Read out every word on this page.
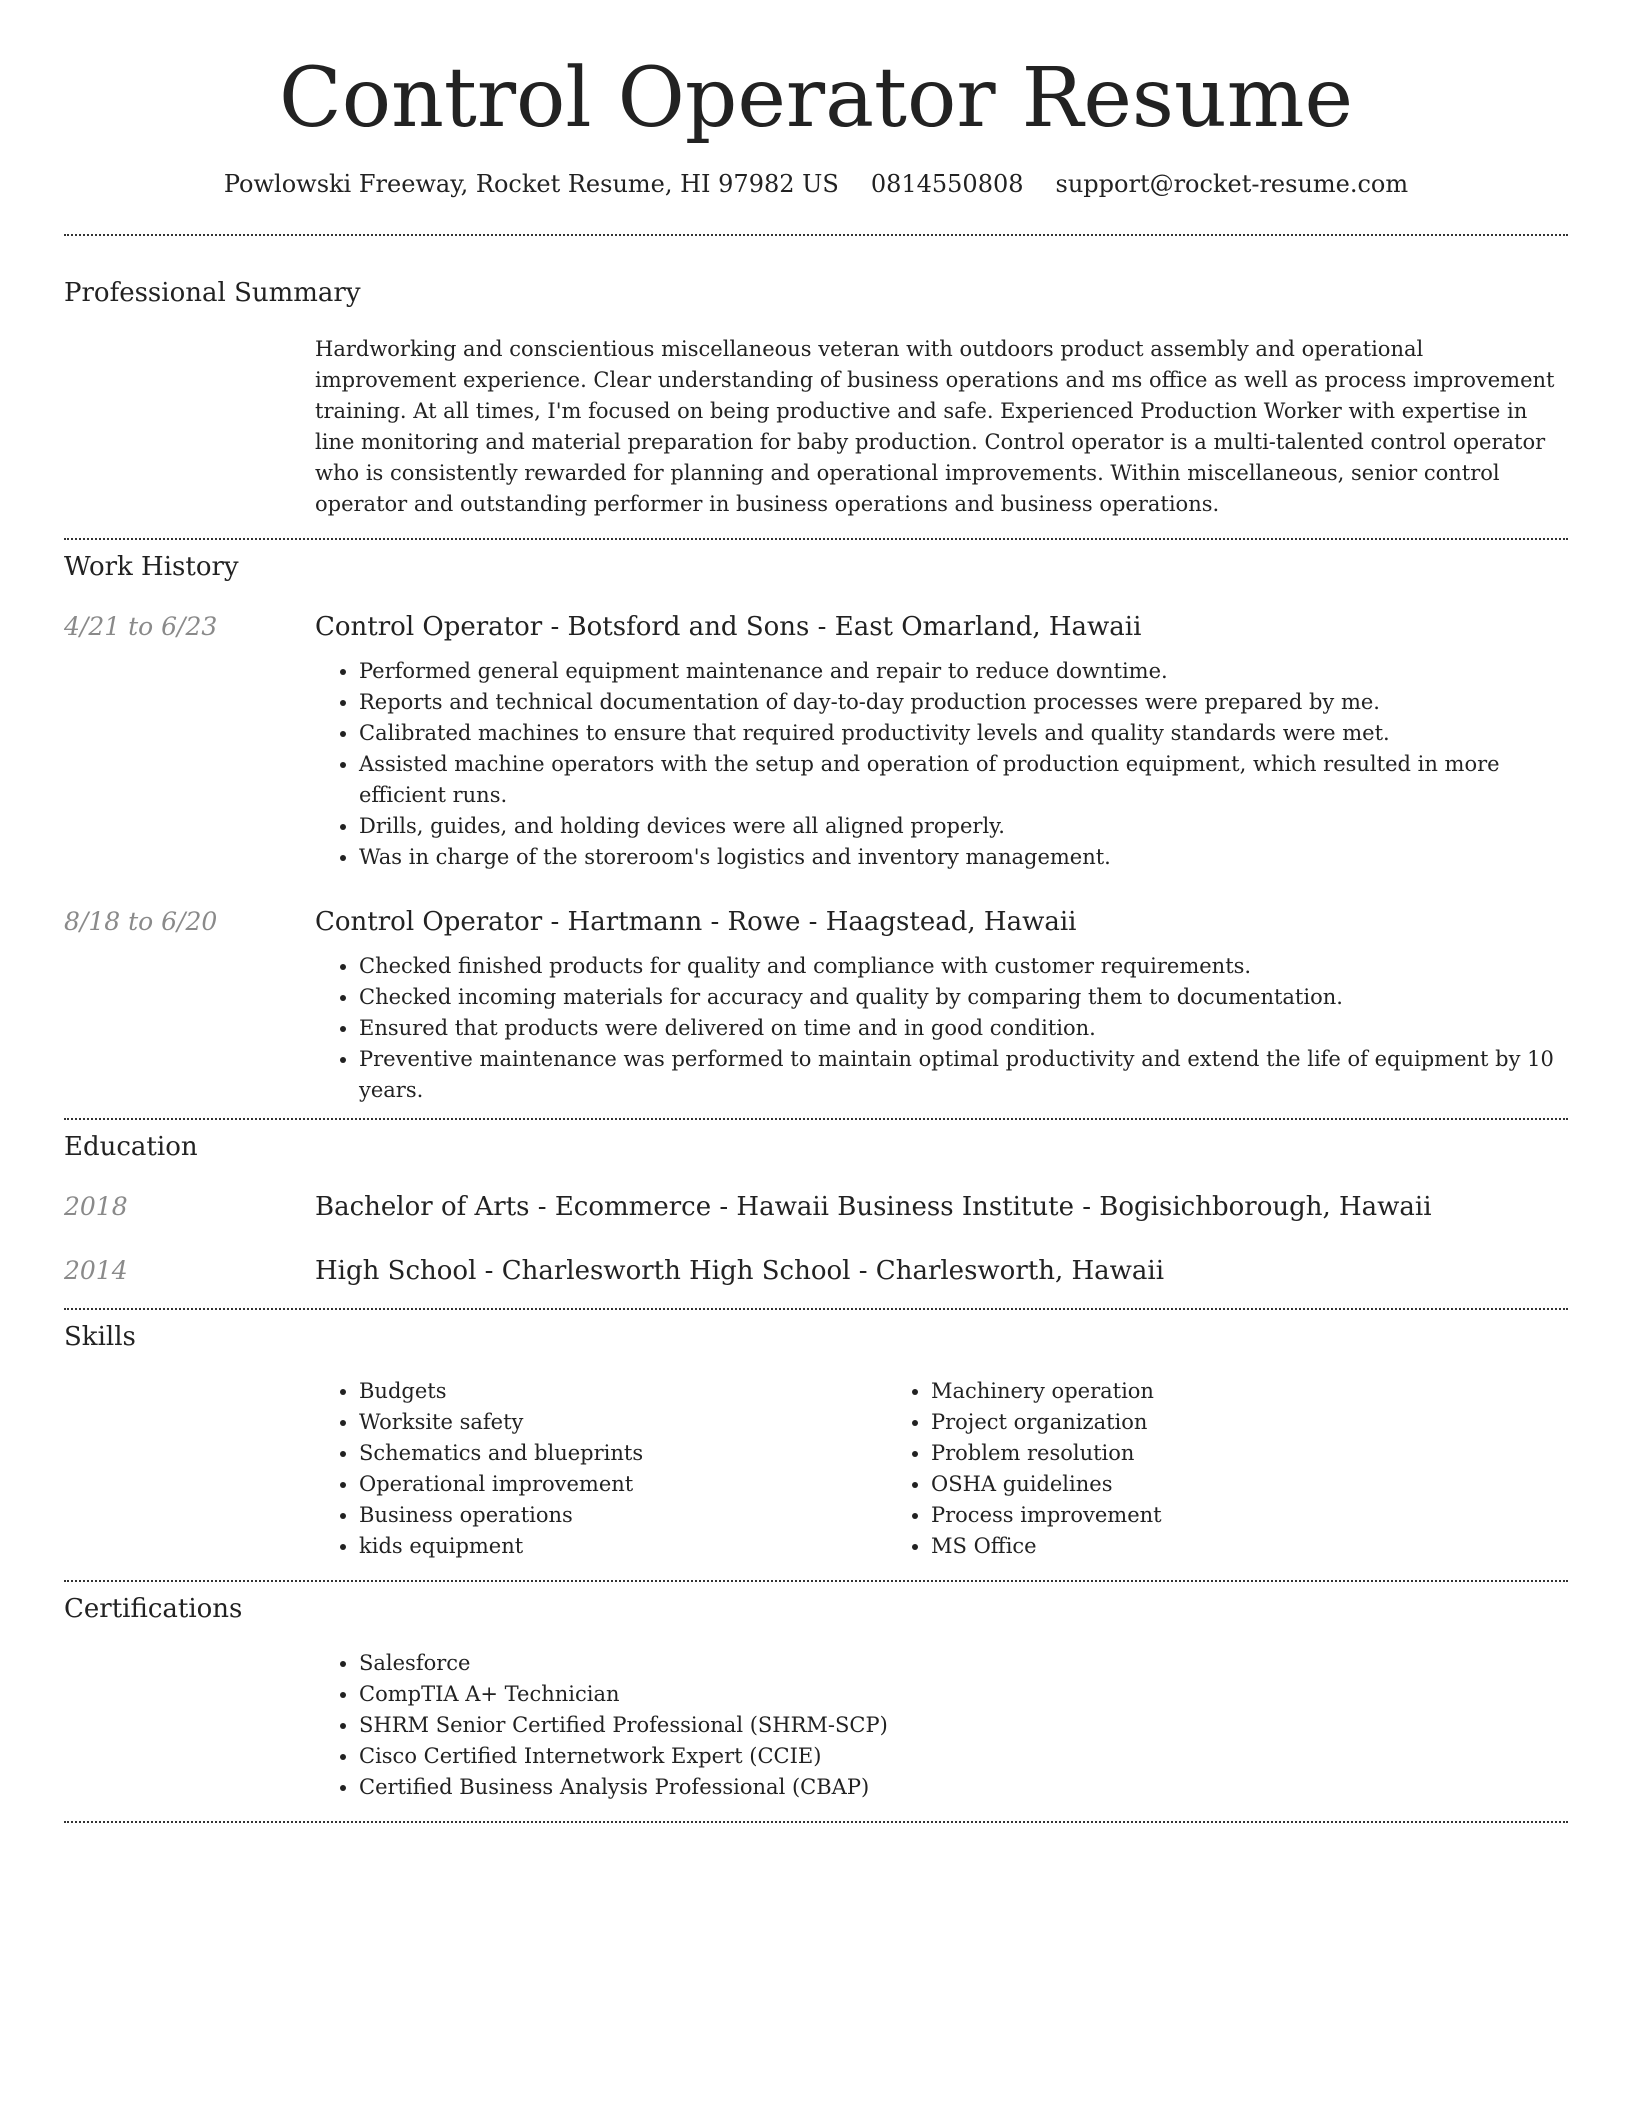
Control Operator Resume
Powlowski Freeway, Rocket Resume, HI 97982 US 0814550808 support@rocket-resume.com
Professional Summary
Hardworking and conscientious miscellaneous veteran with outdoors product assembly and operational improvement experience. Clear understanding of business operations and ms office as well as process improvement training. At all times, I'm focused on being productive and safe. Experienced Production Worker with expertise in line monitoring and material preparation for baby production. Control operator is a multi-talented control operator who is consistently rewarded for planning and operational improvements. Within miscellaneous, senior control operator and outstanding performer in business operations and business operations.
Work History
4/21 to 6/23	Control Operator - Botsford and Sons - East Omarland, Hawaii
• Performed general equipment maintenance and repair to reduce downtime.
• Reports and technical documentation of day-to-day production processes were prepared by me.
• Calibrated machines to ensure that required productivity levels and quality standards were met.
• Assisted machine operators with the setup and operation of production equipment, which resulted in more efficient runs.
• Drills, guides, and holding devices were all aligned properly.
• Was in charge of the storeroom's logistics and inventory management.
8/18 to 6/20	Control Operator - Hartmann - Rowe - Haagstead, Hawaii
• Checked finished products for quality and compliance with customer requirements.
• Checked incoming materials for accuracy and quality by comparing them to documentation.
• Ensured that products were delivered on time and in good condition.
• Preventive maintenance was performed to maintain optimal productivity and extend the life of equipment by 10 years.
Education
2018	Bachelor of Arts - Ecommerce - Hawaii Business Institute - Bogisichborough, Hawaii
2014	High School - Charlesworth High School - Charlesworth, Hawaii
Skills
• Budgets
• Worksite safety
• Schematics and blueprints
• Operational improvement
• Business operations
• kids equipment
• Machinery operation
• Project organization
• Problem resolution
• OSHA guidelines
• Process improvement
• MS Office
Certifications
• Salesforce
• CompTIA A+ Technician
• SHRM Senior Certified Professional (SHRM-SCP)
• Cisco Certified Internetwork Expert (CCIE)
• Certified Business Analysis Professional (CBAP)
